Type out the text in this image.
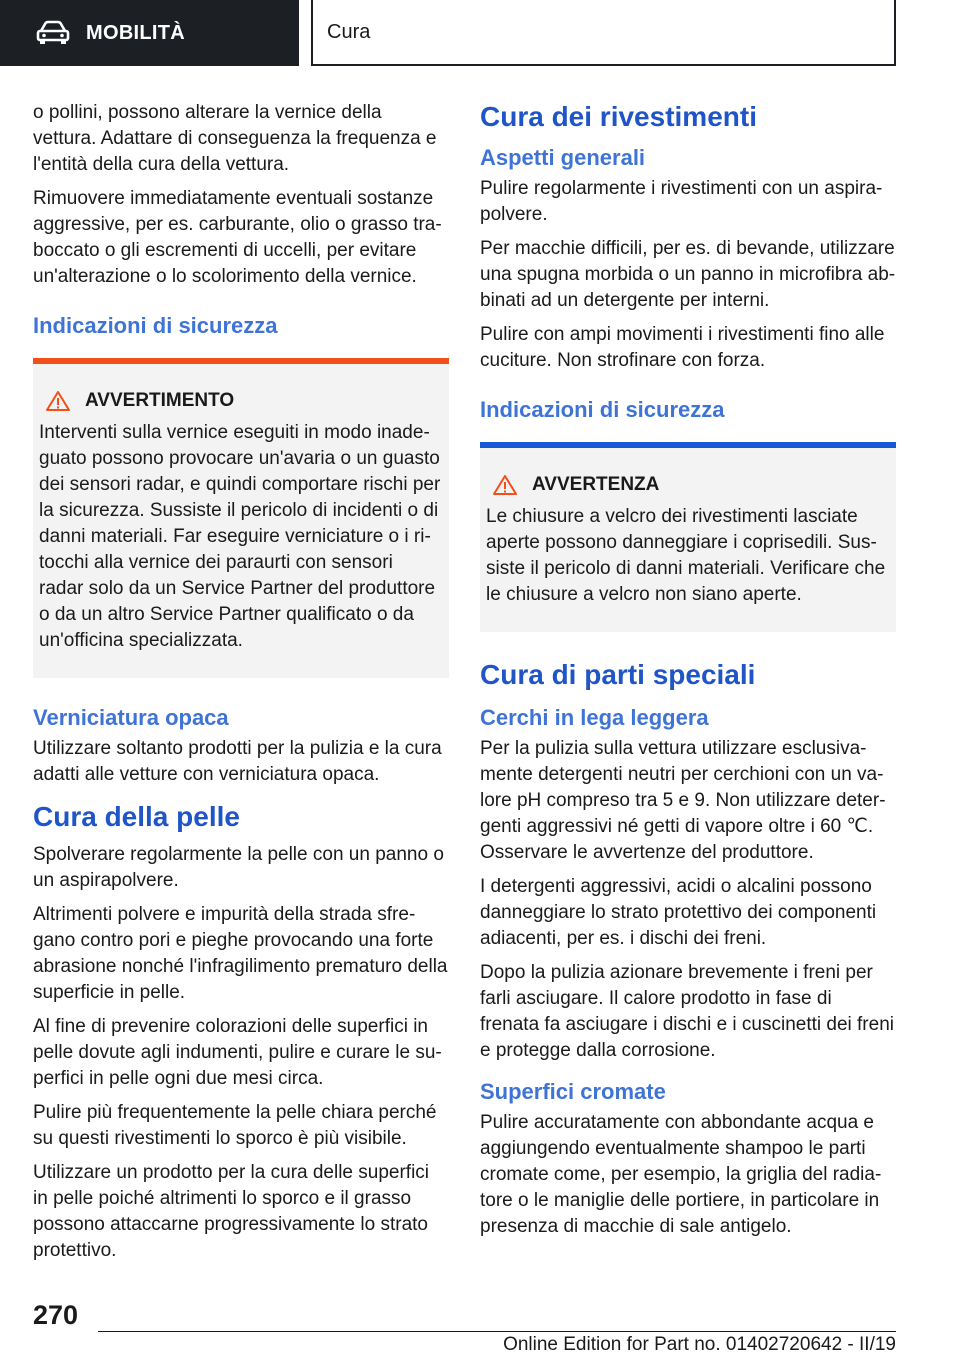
MOBILITÀ	Cura

o pollini, possono alterare la vernice della vettura. Adattare di conseguenza la frequenza e l'entità della cura della vettura.

Rimuovere immediatamente eventuali sostanze aggressive, per es. carburante, olio o grasso traboccato o gli escrementi di uccelli, per evitare un'alterazione o lo scolorimento della vernice.

Indicazioni di sicurezza
AVVERTIMENTO

Interventi sulla vernice eseguiti in modo inadeguato possono provocare un'avaria o un guasto dei sensori radar, e quindi comportare rischi per la sicurezza. Sussiste il pericolo di incidenti o di danni materiali. Far eseguire verniciature o i ritocchi alla vernice dei paraurti con sensori radar solo da un Service Partner del produttore o da un altro Service Partner qualificato o da un'officina specializzata.

Verniciatura opaca

Utilizzare soltanto prodotti per la pulizia e la cura adatti alle vetture con verniciatura opaca.

Cura della pelle

Spolverare regolarmente la pelle con un panno o un aspirapolvere.

Altrimenti polvere e impurità della strada sfregano contro pori e pieghe provocando una forte abrasione nonché l'infragilimento prematuro della superficie in pelle.

Al fine di prevenire colorazioni delle superfici in pelle dovute agli indumenti, pulire e curare le superfici in pelle ogni due mesi circa.

Pulire più frequentemente la pelle chiara perché su questi rivestimenti lo sporco è più visibile.

Utilizzare un prodotto per la cura delle superfici in pelle poiché altrimenti lo sporco e il grasso possono attaccarne progressivamente lo strato protettivo.

Cura dei rivestimenti
Aspetti generali

Pulire regolarmente i rivestimenti con un aspirapolvere.

Per macchie difficili, per es. di bevande, utilizzare una spugna morbida o un panno in microfibra abbinati ad un detergente per interni.

Pulire con ampi movimenti i rivestimenti fino alle cuciture. Non strofinare con forza.

Indicazioni di sicurezza
AVVERTENZA

Le chiusure a velcro dei rivestimenti lasciate aperte possono danneggiare i coprisedili. Sussiste il pericolo di danni materiali. Verificare che le chiusure a velcro non siano aperte.

Cura di parti speciali
Cerchi in lega leggera

Per la pulizia sulla vettura utilizzare esclusivamente detergenti neutri per cerchioni con un valore pH compreso tra 5 e 9. Non utilizzare detergenti aggressivi né getti di vapore oltre i 60 ℃. Osservare le avvertenze del produttore.

I detergenti aggressivi, acidi o alcalini possono danneggiare lo strato protettivo dei componenti adiacenti, per es. i dischi dei freni.

Dopo la pulizia azionare brevemente i freni per farli asciugare. Il calore prodotto in fase di frenata fa asciugare i dischi e i cuscinetti dei freni e protegge dalla corrosione.

Superfici cromate

Pulire accuratamente con abbondante acqua e aggiungendo eventualmente shampoo le parti cromate come, per esempio, la griglia del radiatore o le maniglie delle portiere, in particolare in presenza di macchie di sale antigelo.

270
Online Edition for Part no. 01402720642 - II/19
